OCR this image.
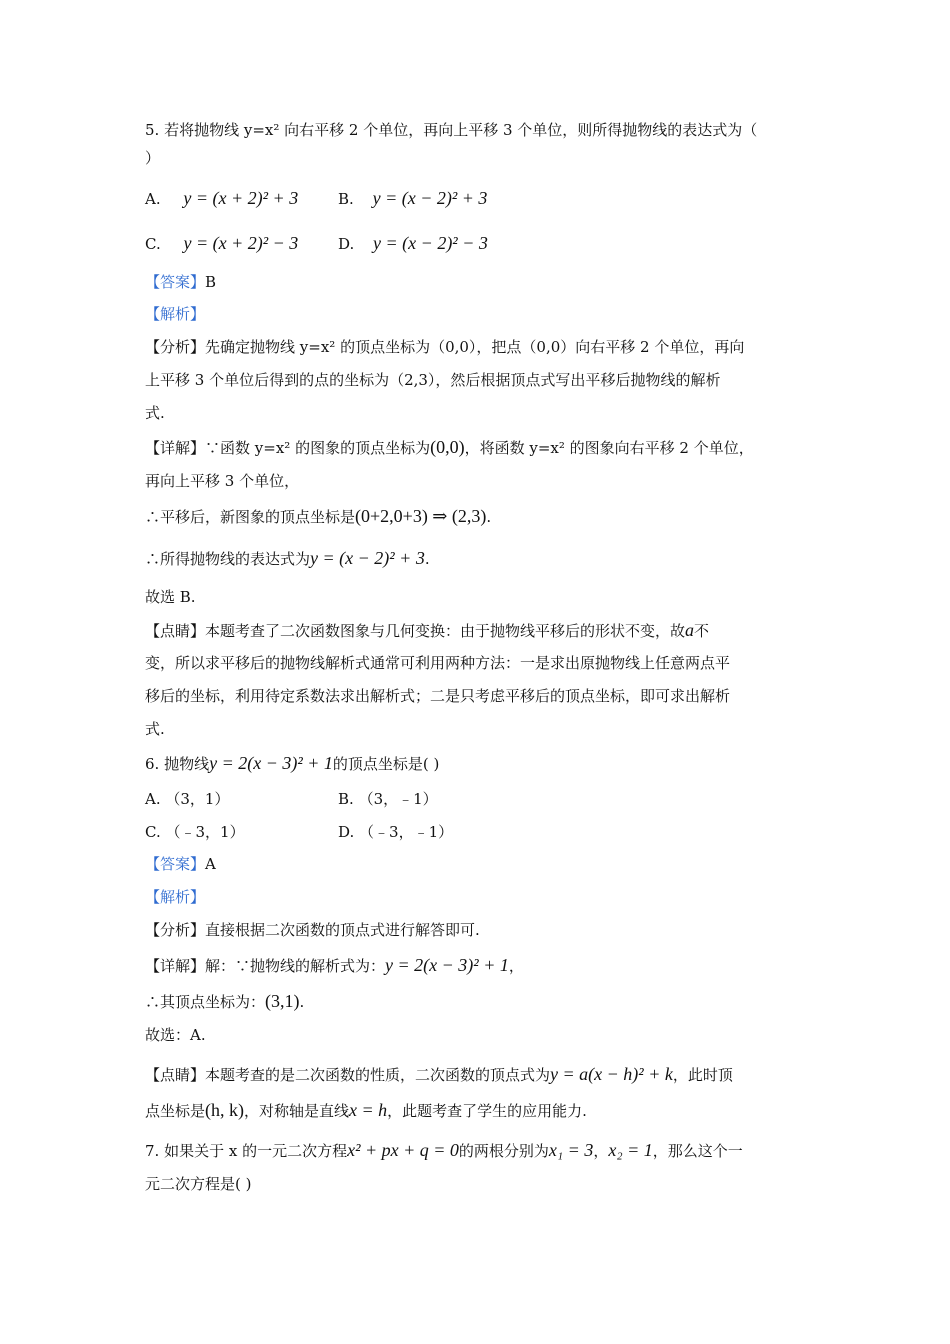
5. 若将抛物线 y=x² 向右平移 2 个单位，再向上平移 3 个单位，则所得抛物线的表达式为（
）
A. y = (x + 2)² + 3	B. y = (x − 2)² + 3
C. y = (x + 2)² − 3	D. y = (x − 2)² − 3
【答案】B
【解析】
【分析】先确定抛物线 y=x² 的顶点坐标为（0,0），把点（0,0）向右平移 2 个单位，再向
上平移 3 个单位后得到的点的坐标为（2,3），然后根据顶点式写出平移后抛物线的解析
式.
【详解】∵函数 y=x² 的图象的顶点坐标为(0,0)，将函数 y=x² 的图象向右平移 2 个单位，
再向上平移 3 个单位，
∴平移后，新图象的顶点坐标是(0+2,0+3) ⇒ (2,3).
∴所得抛物线的表达式为y = (x − 2)² + 3.
故选 B.
【点睛】本题考查了二次函数图象与几何变换：由于抛物线平移后的形状不变，故a不
变，所以求平移后的抛物线解析式通常可利用两种方法：一是求出原抛物线上任意两点平
移后的坐标，利用待定系数法求出解析式；二是只考虑平移后的顶点坐标，即可求出解析
式.
6. 抛物线y = 2(x − 3)² + 1的顶点坐标是( )
A. （3，1）	B. （3，﹣1）
C. （﹣3，1）	D. （﹣3，﹣1）
【答案】A
【解析】
【分析】直接根据二次函数的顶点式进行解答即可.
【详解】解：∵抛物线的解析式为：y = 2(x − 3)² + 1，
∴其顶点坐标为：(3,1).
故选：A.
【点睛】本题考查的是二次函数的性质，二次函数的顶点式为y = a(x − h)² + k，此时顶
点坐标是(h, k)，对称轴是直线x = h，此题考查了学生的应用能力.
7. 如果关于 x 的一元二次方程x² + px + q = 0的两根分别为x₁ = 3，x₂ = 1，那么这个一
元二次方程是( )
